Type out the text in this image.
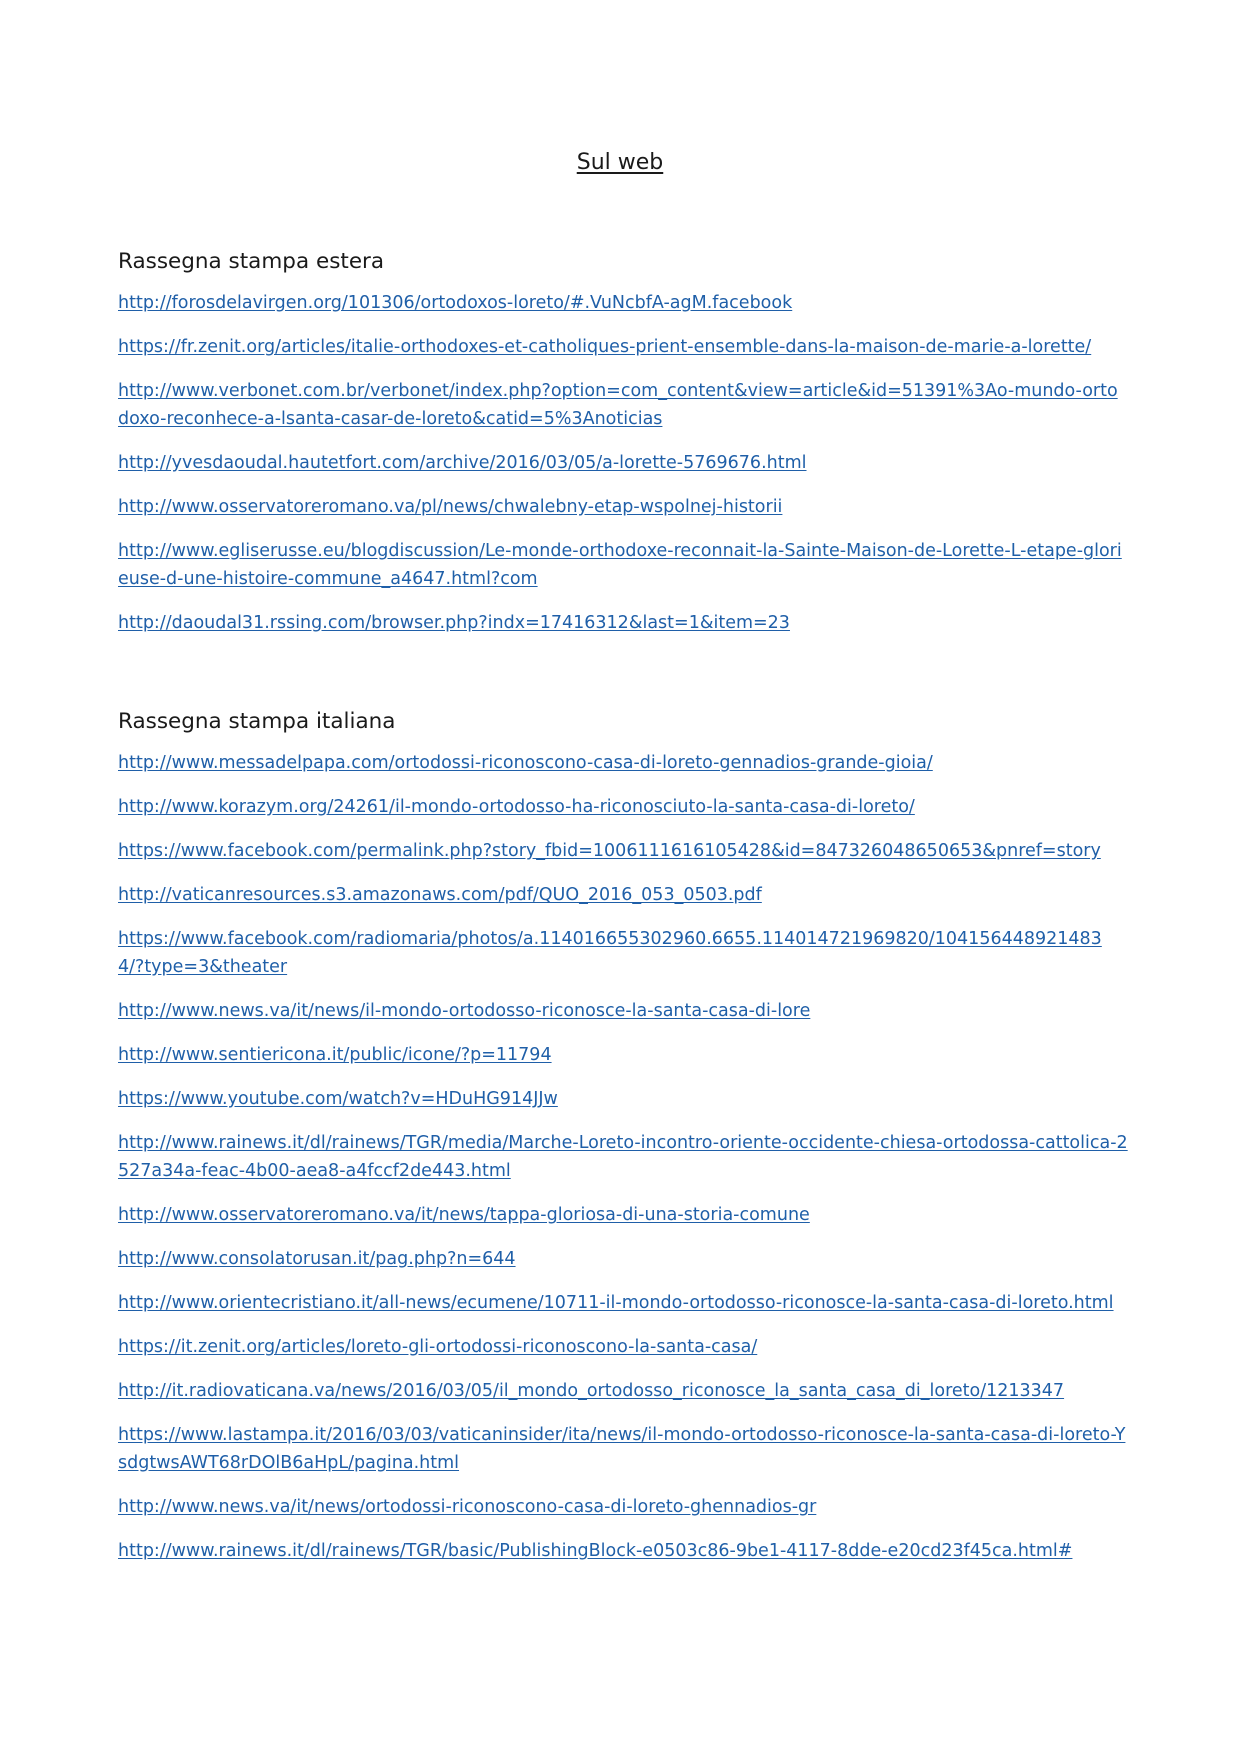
Sul web
Rassegna stampa estera
http://forosdelavirgen.org/101306/ortodoxos-loreto/#.VuNcbfA-agM.facebook
https://fr.zenit.org/articles/italie-orthodoxes-et-catholiques-prient-ensemble-dans-la-maison-de-marie-a-lorette/
http://www.verbonet.com.br/verbonet/index.php?option=com_content&view=article&id=51391%3Ao-mundo-ortodoxo-reconhece-a-lsanta-casar-de-loreto&catid=5%3Anoticias
http://yvesdaoudal.hautetfort.com/archive/2016/03/05/a-lorette-5769676.html
http://www.osservatoreromano.va/pl/news/chwalebny-etap-wspolnej-historii
http://www.egliserusse.eu/blogdiscussion/Le-monde-orthodoxe-reconnait-la-Sainte-Maison-de-Lorette-L-etape-glorieuse-d-une-histoire-commune_a4647.html?com
http://daoudal31.rssing.com/browser.php?indx=17416312&last=1&item=23
Rassegna stampa italiana
http://www.messadelpapa.com/ortodossi-riconoscono-casa-di-loreto-gennadios-grande-gioia/
http://www.korazym.org/24261/il-mondo-ortodosso-ha-riconosciuto-la-santa-casa-di-loreto/
https://www.facebook.com/permalink.php?story_fbid=1006111616105428&id=847326048650653&pnref=story
http://vaticanresources.s3.amazonaws.com/pdf/QUO_2016_053_0503.pdf
https://www.facebook.com/radiomaria/photos/a.114016655302960.6655.114014721969820/1041564489214834/?type=3&theater
http://www.news.va/it/news/il-mondo-ortodosso-riconosce-la-santa-casa-di-lore
http://www.sentiericona.it/public/icone/?p=11794
https://www.youtube.com/watch?v=HDuHG914JJw
http://www.rainews.it/dl/rainews/TGR/media/Marche-Loreto-incontro-oriente-occidente-chiesa-ortodossa-cattolica-2527a34a-feac-4b00-aea8-a4fccf2de443.html
http://www.osservatoreromano.va/it/news/tappa-gloriosa-di-una-storia-comune
http://www.consolatorusan.it/pag.php?n=644
http://www.orientecristiano.it/all-news/ecumene/10711-il-mondo-ortodosso-riconosce-la-santa-casa-di-loreto.html
https://it.zenit.org/articles/loreto-gli-ortodossi-riconoscono-la-santa-casa/
http://it.radiovaticana.va/news/2016/03/05/il_mondo_ortodosso_riconosce_la_santa_casa_di_loreto/1213347
https://www.lastampa.it/2016/03/03/vaticaninsider/ita/news/il-mondo-ortodosso-riconosce-la-santa-casa-di-loreto-YsdgtwsAWT68rDOlB6aHpL/pagina.html
http://www.news.va/it/news/ortodossi-riconoscono-casa-di-loreto-ghennadios-gr
http://www.rainews.it/dl/rainews/TGR/basic/PublishingBlock-e0503c86-9be1-4117-8dde-e20cd23f45ca.html#
